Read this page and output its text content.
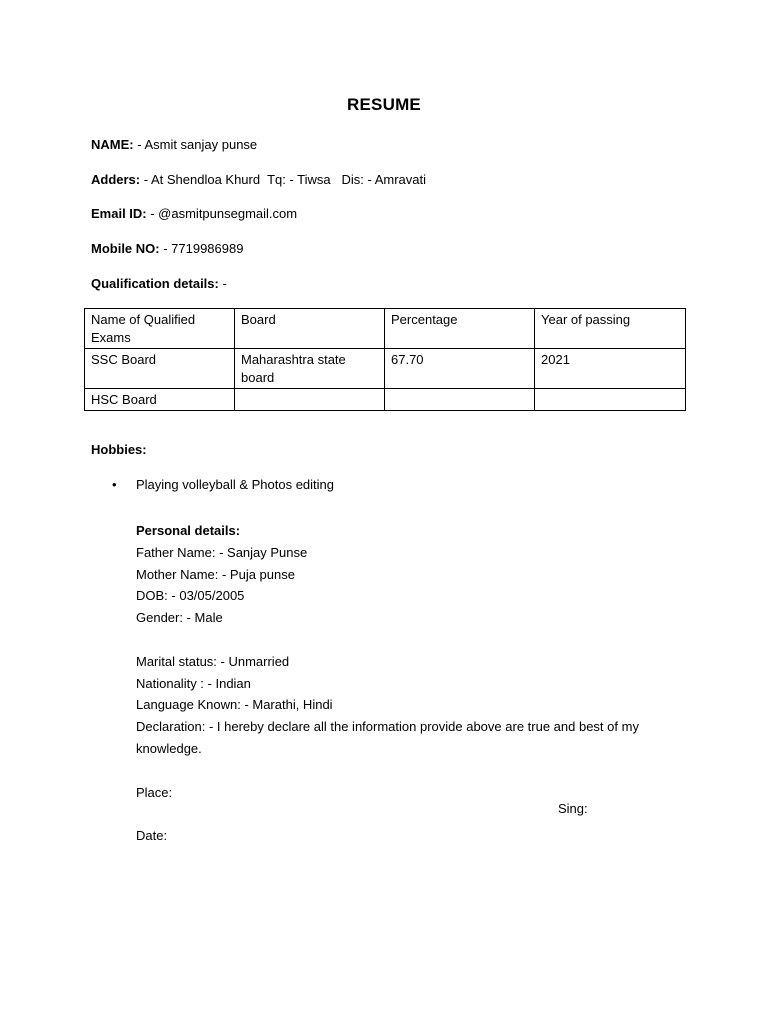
RESUME
NAME: - Asmit sanjay punse
Adders: - At Shendloa Khurd  Tq: - Tiwsa   Dis: - Amravati
Email ID: - @asmitpunsegmail.com
Mobile NO: - 7719986989
Qualification details: -
Name of Qualified Exams	Board	Percentage	Year of passing
SSC Board	Maharashtra state board	67.70	2021
HSC Board			
Hobbies:
• Playing volleyball & Photos editing
Personal details:
Father Name: - Sanjay Punse
Mother Name: - Puja punse
DOB: - 03/05/2005
Gender: - Male
Marital status: - Unmarried
Nationality : - Indian
Language Known: - Marathi, Hindi
Declaration: - I hereby declare all the information provide above are true and best of my knowledge.
Place:
Date:
Sing:
